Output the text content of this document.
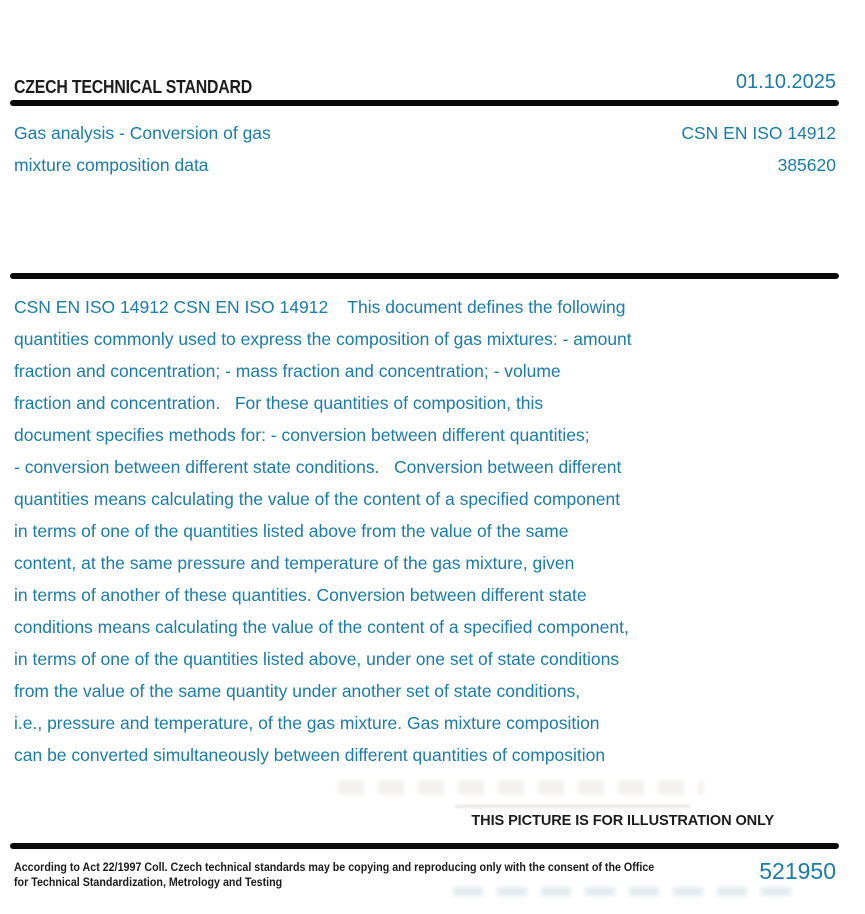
CZECH TECHNICAL STANDARD	01.10.2025
Gas analysis - Conversion of gas
mixture composition data
CSN EN ISO 14912
385620
CSN EN ISO 14912 CSN EN ISO 14912    This document defines the following
quantities commonly used to express the composition of gas mixtures: - amount
fraction and concentration; - mass fraction and concentration; - volume
fraction and concentration.   For these quantities of composition, this
document specifies methods for: - conversion between different quantities;
- conversion between different state conditions.   Conversion between different
quantities means calculating the value of the content of a specified component
in terms of one of the quantities listed above from the value of the same
content, at the same pressure and temperature of the gas mixture, given
in terms of another of these quantities. Conversion between different state
conditions means calculating the value of the content of a specified component,
in terms of one of the quantities listed above, under one set of state conditions
from the value of the same quantity under another set of state conditions,
i.e., pressure and temperature, of the gas mixture. Gas mixture composition
can be converted simultaneously between different quantities of composition
THIS PICTURE IS FOR ILLUSTRATION ONLY
According to Act 22/1997 Coll. Czech technical standards may be copying and reproducing only with the consent of the Office
for Technical Standardization, Metrology and Testing	521950
